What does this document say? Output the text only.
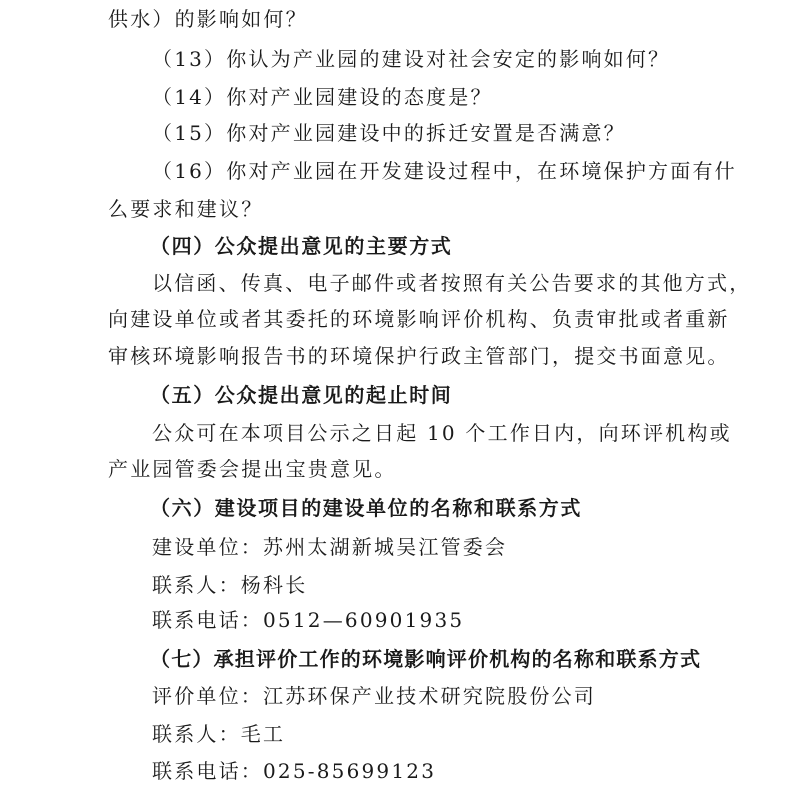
供水）的影响如何？
（13）你认为产业园的建设对社会安定的影响如何？
（14）你对产业园建设的态度是？
（15）你对产业园建设中的拆迁安置是否满意？
（16）你对产业园在开发建设过程中，在环境保护方面有什
么要求和建议？
（四）公众提出意见的主要方式
以信函、传真、电子邮件或者按照有关公告要求的其他方式，
向建设单位或者其委托的环境影响评价机构、负责审批或者重新
审核环境影响报告书的环境保护行政主管部门，提交书面意见。
（五）公众提出意见的起止时间
公众可在本项目公示之日起 10 个工作日内，向环评机构或
产业园管委会提出宝贵意见。
（六）建设项目的建设单位的名称和联系方式
建设单位：苏州太湖新城吴江管委会
联系人：杨科长
联系电话：0512—60901935
（七）承担评价工作的环境影响评价机构的名称和联系方式
评价单位：江苏环保产业技术研究院股份公司
联系人：毛工
联系电话：025-85699123
